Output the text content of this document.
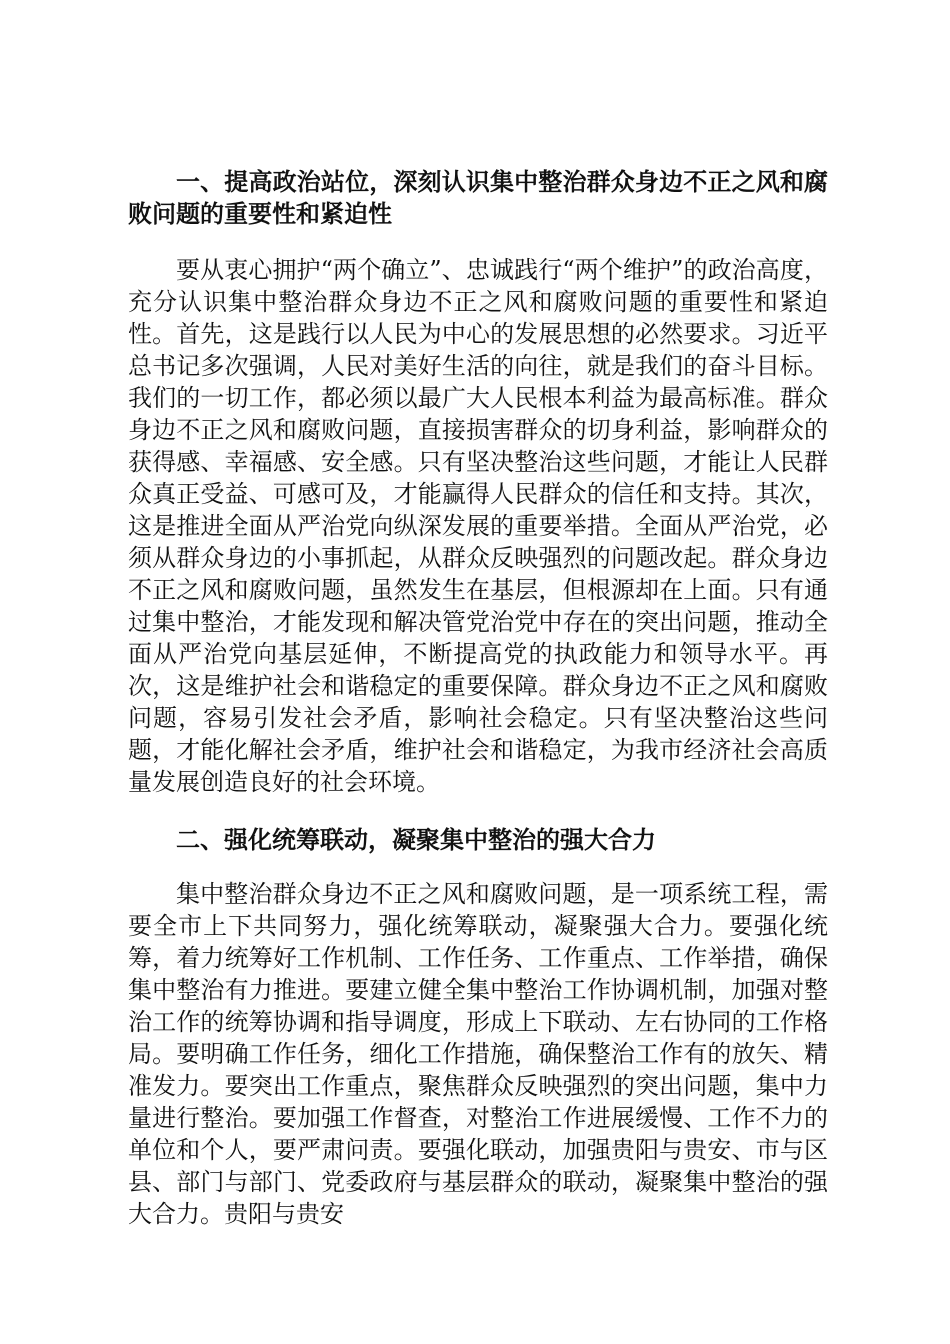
一、提高政治站位，深刻认识集中整治群众身边不正之风和腐败问题的重要性和紧迫性

要从衷心拥护“两个确立”、忠诚践行“两个维护”的政治高度，充分认识集中整治群众身边不正之风和腐败问题的重要性和紧迫性。首先，这是践行以人民为中心的发展思想的必然要求。习近平总书记多次强调，人民对美好生活的向往，就是我们的奋斗目标。我们的一切工作，都必须以最广大人民根本利益为最高标准。群众身边不正之风和腐败问题，直接损害群众的切身利益，影响群众的获得感、幸福感、安全感。只有坚决整治这些问题，才能让人民群众真正受益、可感可及，才能赢得人民群众的信任和支持。其次，这是推进全面从严治党向纵深发展的重要举措。全面从严治党，必须从群众身边的小事抓起，从群众反映强烈的问题改起。群众身边不正之风和腐败问题，虽然发生在基层，但根源却在上面。只有通过集中整治，才能发现和解决管党治党中存在的突出问题，推动全面从严治党向基层延伸，不断提高党的执政能力和领导水平。再次，这是维护社会和谐稳定的重要保障。群众身边不正之风和腐败问题，容易引发社会矛盾，影响社会稳定。只有坚决整治这些问题，才能化解社会矛盾，维护社会和谐稳定，为我市经济社会高质量发展创造良好的社会环境。

二、强化统筹联动，凝聚集中整治的强大合力

集中整治群众身边不正之风和腐败问题，是一项系统工程，需要全市上下共同努力，强化统筹联动，凝聚强大合力。要强化统筹，着力统筹好工作机制、工作任务、工作重点、工作举措，确保集中整治有力推进。要建立健全集中整治工作协调机制，加强对整治工作的统筹协调和指导调度，形成上下联动、左右协同的工作格局。要明确工作任务，细化工作措施，确保整治工作有的放矢、精准发力。要突出工作重点，聚焦群众反映强烈的突出问题，集中力量进行整治。要加强工作督查，对整治工作进展缓慢、工作不力的单位和个人，要严肃问责。要强化联动，加强贵阳与贵安、市与区县、部门与部门、党委政府与基层群众的联动，凝聚集中整治的强大合力。贵阳与贵安
